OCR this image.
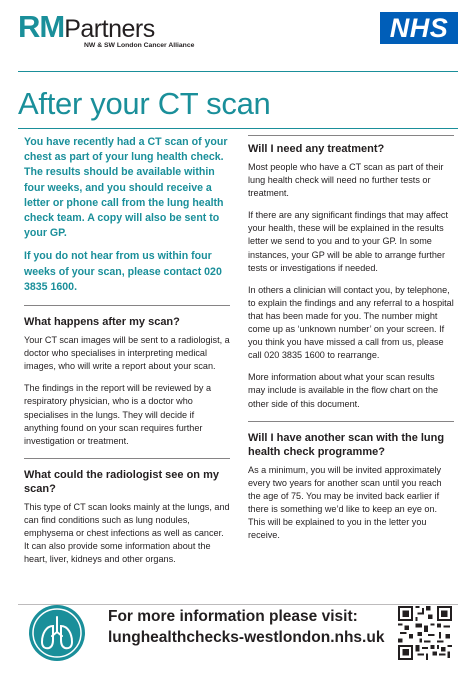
RMPartners
NW & SW London Cancer Alliance
NHS
After your CT scan
You have recently had a CT scan of your chest as part of your lung health check. The results should be available within four weeks, and you should receive a letter or phone call from the lung health check team. A copy will also be sent to your GP.
If you do not hear from us within four weeks of your scan, please contact 020 3835 1600.
What happens after my scan?
Your CT scan images will be sent to a radiologist, a doctor who specialises in interpreting medical images, who will write a report about your scan.
The findings in the report will be reviewed by a respiratory physician, who is a doctor who specialises in the lungs. They will decide if anything found on your scan requires further investigation or treatment.
What could the radiologist see on my scan?
This type of CT scan looks mainly at the lungs, and can find conditions such as lung nodules, emphysema or chest infections as well as cancer. It can also provide some information about the heart, liver, kidneys and other organs.
Will I need any treatment?
Most people who have a CT scan as part of their lung health check will need no further tests or treatment.
If there are any significant findings that may affect your health, these will be explained in the results letter we send to you and to your GP. In some instances, your GP will be able to arrange further tests or investigations if needed.
In others a clinician will contact you, by telephone, to explain the findings and any referral to a hospital that has been made for you. The number might come up as ‘unknown number’ on your screen. If you think you have missed a call from us, please call 020 3835 1600 to rearrange.
More information about what your scan results may include is available in the flow chart on the other side of this document.
Will I have another scan with the lung health check programme?
As a minimum, you will be invited approximately every two years for another scan until you reach the age of 75. You may be invited back earlier if there is something we’d like to keep an eye on. This will be explained to you in the letter you receive.
For more information please visit:
lunghealthchecks-westlondon.nhs.uk
